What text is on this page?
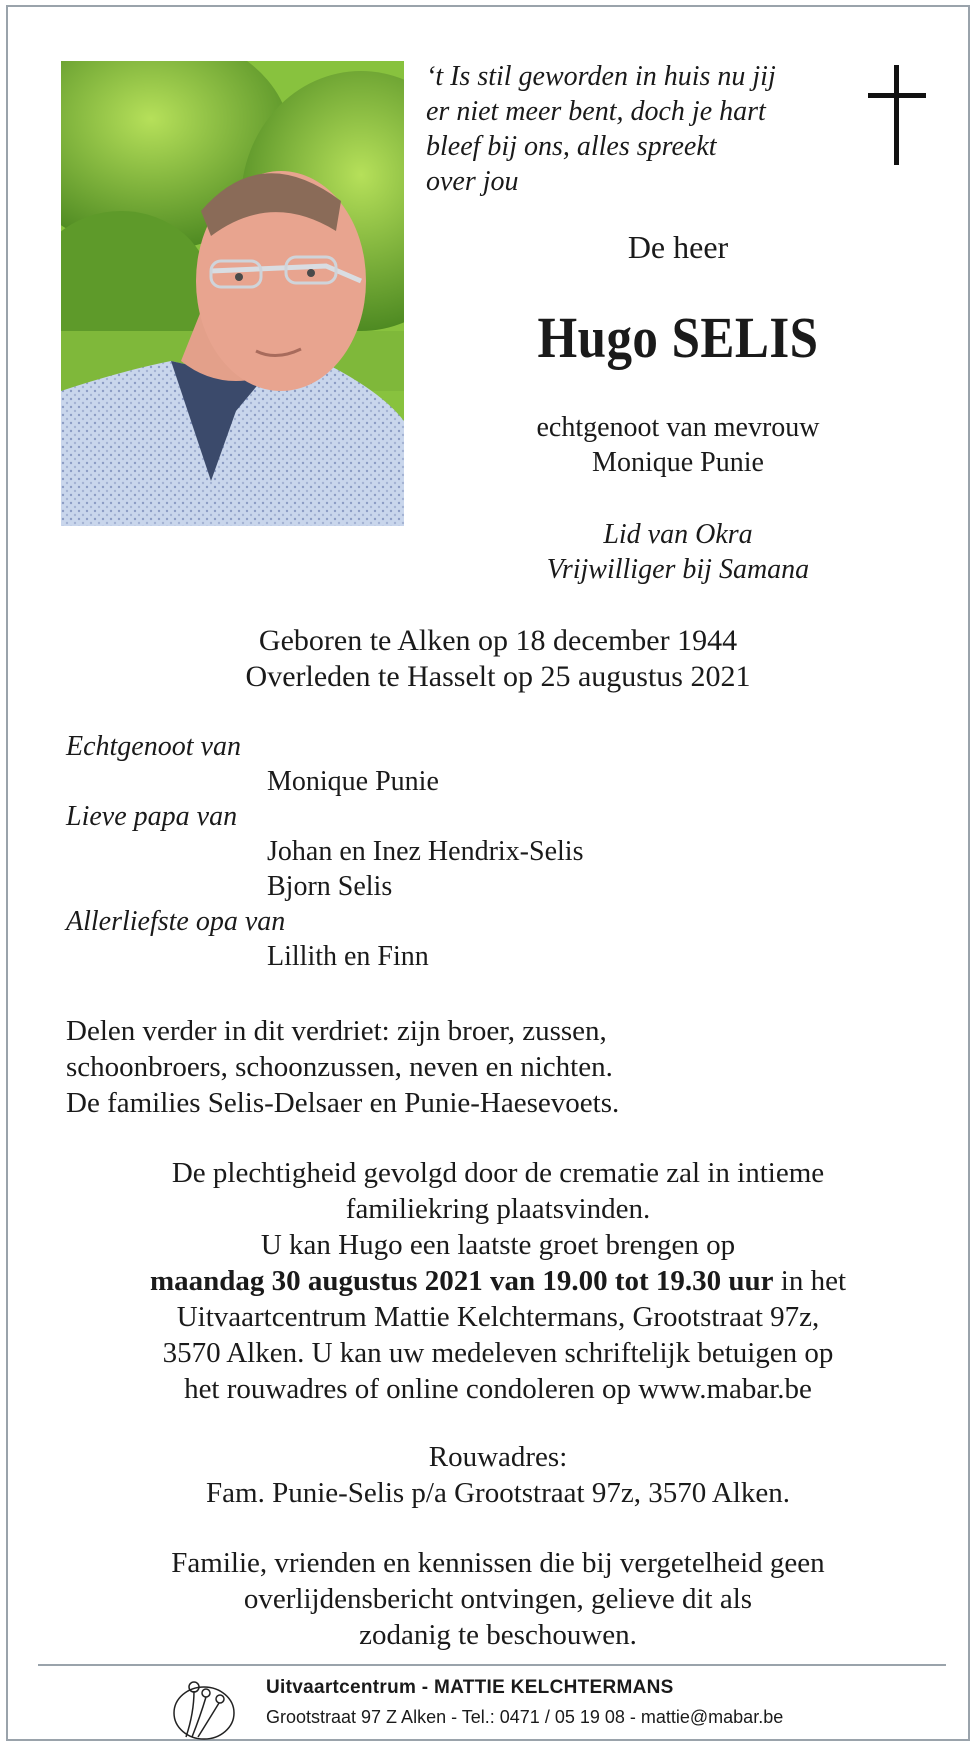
‘t Is stil geworden in huis nu jij
er niet meer bent, doch je hart
bleef bij ons, alles spreekt
over jou
De heer
Hugo SELIS
echtgenoot van mevrouw
Monique Punie
Lid van Okra
Vrijwilliger bij Samana
Geboren te Alken op 18 december 1944
Overleden te Hasselt op 25 augustus 2021
Echtgenoot van
Monique Punie
Lieve papa van
Johan en Inez Hendrix-Selis
Bjorn Selis
Allerliefste opa van
Lillith en Finn
Delen verder in dit verdriet: zijn broer, zussen,
schoonbroers, schoonzussen, neven en nichten.
De families Selis-Delsaer en Punie-Haesevoets.
De plechtigheid gevolgd door de crematie zal in intieme
familiekring plaatsvinden.
U kan Hugo een laatste groet brengen op
maandag 30 augustus 2021 van 19.00 tot 19.30 uur in het
Uitvaartcentrum Mattie Kelchtermans, Grootstraat 97z,
3570 Alken. U kan uw medeleven schriftelijk betuigen op
het rouwadres of online condoleren op www.mabar.be
Rouwadres:
Fam. Punie-Selis p/a Grootstraat 97z, 3570 Alken.
Familie, vrienden en kennissen die bij vergetelheid geen
overlijdensbericht ontvingen, gelieve dit als
zodanig te beschouwen.
Uitvaartcentrum - MATTIE KELCHTERMANS
Grootstraat 97 Z Alken - Tel.: 0471 / 05 19 08 - mattie@mabar.be
